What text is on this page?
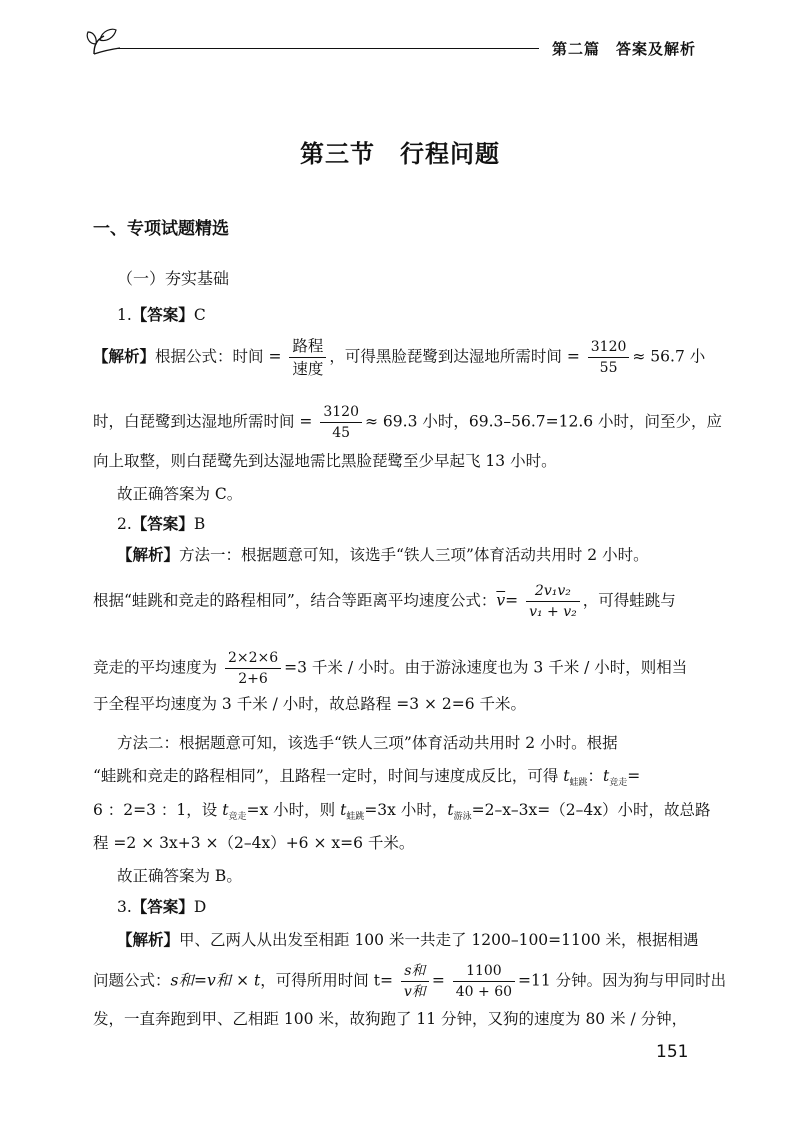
第二篇　答案及解析
第三节　行程问题
一、专项试题精选
（一）夯实基础
1.【答案】C
【解析】根据公式：时间 = $\frac{\text{路程}}{\text{速度}}$ ，可得黑脸琵鹭到达湿地所需时间 = $\frac{3120}{55} \approx 56.7$ 小
时，白琵鹭到达湿地所需时间 = $\frac{3120}{45} \approx 69.3$ 小时，69.3–56.7=12.6 小时，问至少，应
向上取整，则白琵鹭先到达湿地需比黑脸琵鹭至少早起飞 13 小时。
故正确答案为 C。
2.【答案】B
【解析】方法一：根据题意可知，该选手“铁人三项”体育活动共用时 2 小时。
根据“蛙跳和竞走的路程相同”，结合等距离平均速度公式：$\overline{v}= \frac{\text{2v₁v₂}}{\text{v₁ + v₂}}$ ，可得蛙跳与
竞走的平均速度为 $\frac{2\times 2\times 6}{2+6} =3$ 千米 / 小时。由于游泳速度也为 3 千米 / 小时，则相当
于全程平均速度为 3 千米 / 小时，故总路程 =3 × 2=6 千米。
方法二：根据题意可知，该选手“铁人三项”体育活动共用时 2 小时。根据
“蛙跳和竞走的路程相同”，且路程一定时，时间与速度成反比，可得 $t_{蛙跳}$：$t_{竞走}=$
6 ：2=3 ：1，设 $t_{竞走}=x$ 小时，则 $t_{蛙跳}=3x$ 小时，$t_{游泳}=2-x-3x=(2-4x)$小时，故总路
程 =2 × 3x+3 ×（2–4x）+6 × x=6 千米。
故正确答案为 B。
3.【答案】D
【解析】甲、乙两人从出发至相距 100 米一共走了 1200–100=1100 米，根据相遇
问题公式：s和=v和 × t，可得所用时间 $t= \frac{\text{s和}}{\text{v和}} = \frac{1100}{40 + 60} =11$ 分钟。因为狗与甲同时出
发，一直奔跑到甲、乙相距 100 米，故狗跑了 11 分钟，又狗的速度为 80 米 / 分钟，
151
